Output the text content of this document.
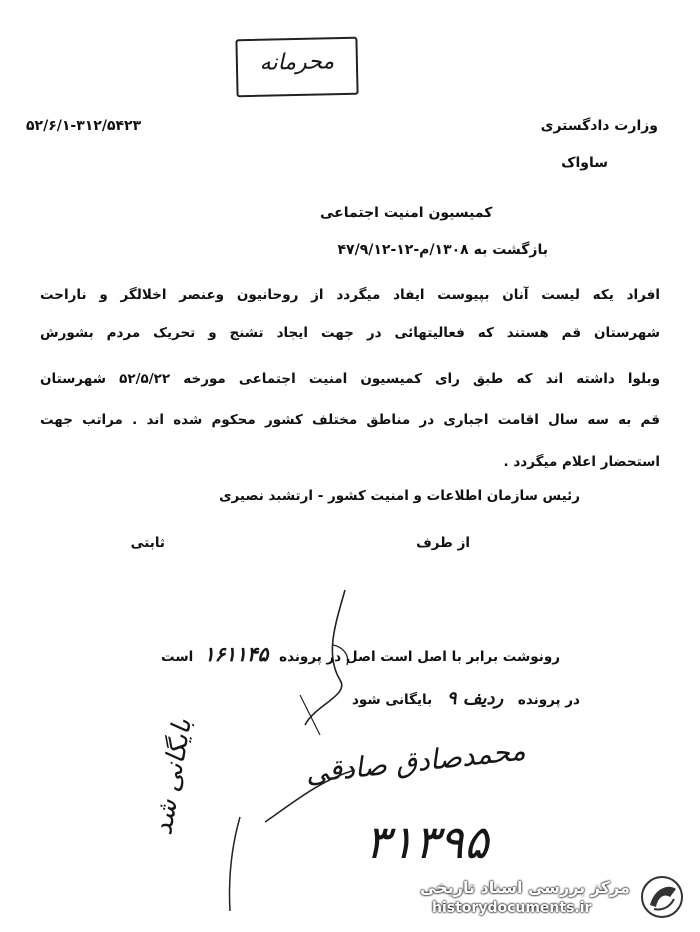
محرمانه
۵۲/۶/۱-۳۱۲/۵۴۲۳	وزارت دادگستری
ساواک
کمیسیون امنیت اجتماعی
بازگشت به ۱۳۰۸/م-۱۲-۴۷/۹/۱۲
افراد یکه لیست آنان بپیوست ایفاد میگردد از روحانیون وعنصر اخلالگر و ناراحت
شهرستان قم هستند که فعالیتهائی در جهت ایجاد تشنج و تحریک مردم بشورش
وبلوا داشته اند که طبق رای کمیسیون امنیت اجتماعی مورخه ۵۲/۵/۲۲ شهرستان
قم به سه سال اقامت اجباری در مناطق مختلف کشور محکوم شده اند . مراتب جهت
استحضار اعلام میگردد .
رئیس سازمان اطلاعات و امنیت کشور - ارتشبد نصیری
از طرف
ثابتی
رونوشت برابر با اصل است اصل در پرونده ۱۶۱۱۴۵ است
در پرونده ردیف ۹ بایگانی شود
محمدصادق صادقی
۳۱۳۹۵
بایگانی شد
مرکز بررسی اسناد تاریخی
historydocuments.ir
